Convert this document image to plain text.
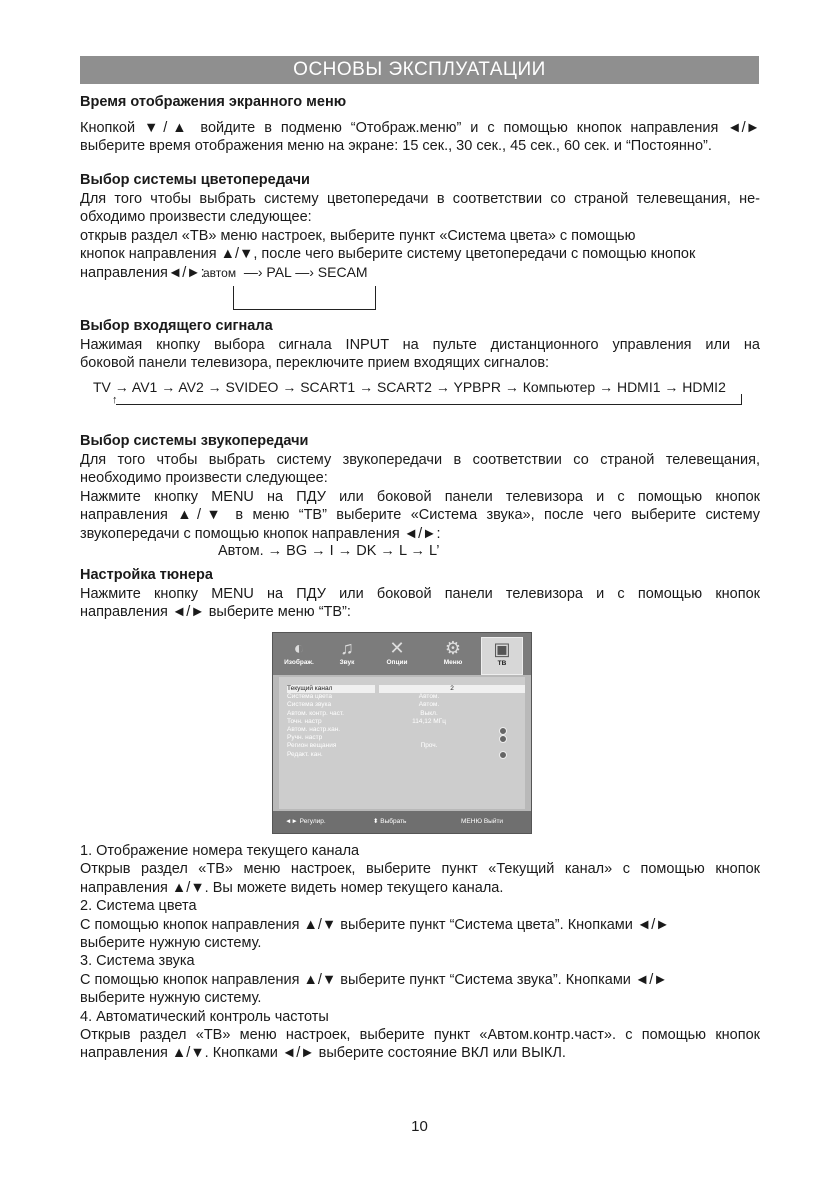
ОСНОВЫ ЭКСПЛУАТАЦИИ
Время отображения экранного меню
Кнопкой ▼/▲ войдите в подменю “Отображ.меню” и с помощью кнопок направления ◄/►
выберите время отображения меню на экране: 15 сек., 30 сек., 45 сек., 60 сек. и “Постоянно”.
Выбор системы цветопередачи
Для того чтобы выбрать систему цветопередачи в соответствии со страной телевещания, не-
обходимо произвести следующее:
открыв раздел «ТВ» меню настроек, выберите пункт «Система цвета» с помощью
кнопок направления ▲/▼, после чего выберите систему цветопередачи с помощью кнопок
направления◄/►:
автом  —› PAL —› SECAM
Выбор входящего сигнала
Нажимая кнопку выбора сигнала INPUT на пульте дистанционного управления или на
боковой панели телевизора, переключите прием входящих сигналов:
TV → AV1 → AV2 → SVIDEO → SCART1 → SCART2 → YPBPR → Компьютер → HDMI1 → HDMI2
↑
Выбор системы звукопередачи
Для того чтобы выбрать систему звукопередачи в соответствии со страной телевещания,
необходимо произвести следующее:
Нажмите кнопку MENU на ПДУ или боковой панели телевизора и с помощью кнопок
направления ▲/▼ в меню “ТВ” выберите «Система звука», после чего выберите систему
звукопередачи с помощью кнопок направления ◄/►:
Автом. → BG → I → DK → L → L’
Настройка тюнера
Нажмите кнопку MENU на ПДУ или боковой панели телевизора и с помощью кнопок
направления ◄/► выберите меню “ТВ”:
◐
Изображ.
♫
Звук
✕
Опции
⚙
Меню
▣
ТВ
Текущий канал
Система цвета
Система звука
Автом. контр. част.
Точн. настр
Автом. настр.кан.
Ручн. настр
Регион вещания
Редакт. кан.
2
Автом.
Автом.
Выкл.
114,12 МГц
Проч.
◄► Регулир.	⬍ Выбрать	МЕНЮ Выйти
1. Отображение номера текущего канала
Открыв раздел «ТВ» меню настроек, выберите пункт «Текущий канал» с помощью кнопок
направления ▲/▼. Вы можете видеть номер текущего канала.
2. Система цвета
С помощью кнопок направления ▲/▼ выберите пункт “Система цвета”. Кнопками ◄/►
выберите нужную систему.
3. Система звука
С помощью кнопок направления ▲/▼ выберите пункт “Система звука”. Кнопками ◄/►
выберите нужную систему.
4. Автоматический контроль частоты
Открыв раздел «ТВ» меню настроек, выберите пункт «Автом.контр.част». с помощью кнопок
направления ▲/▼. Кнопками ◄/► выберите состояние ВКЛ или ВЫКЛ.
10
